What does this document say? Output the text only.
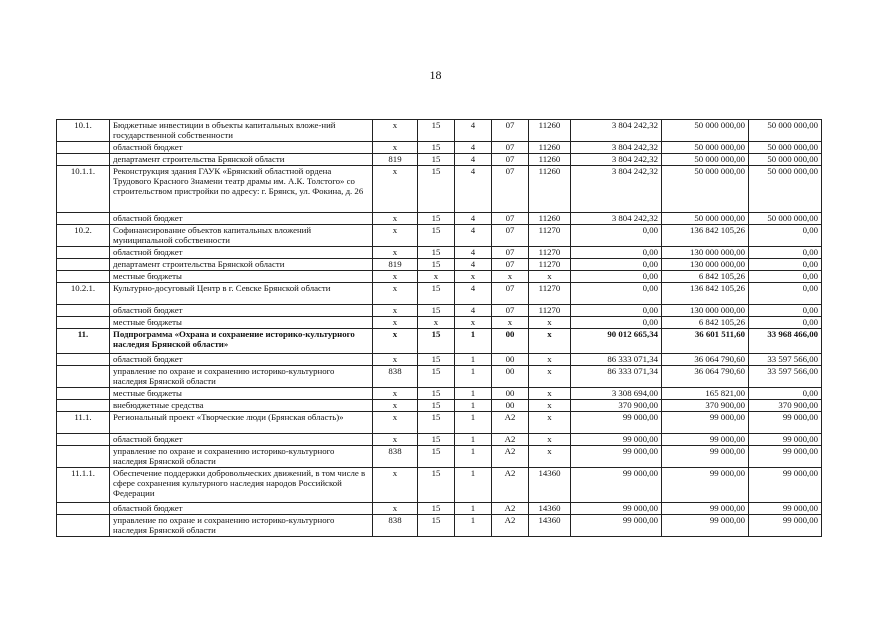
18
10.1.	Бюджетные инвестиции в объекты капитальных вложе-ний государственной собственности	х	15	4	07	11260	3 804 242,32	50 000 000,00	50 000 000,00
	областной бюджет	х	15	4	07	11260	3 804 242,32	50 000 000,00	50 000 000,00
	департамент строительства Брянской области	819	15	4	07	11260	3 804 242,32	50 000 000,00	50 000 000,00
10.1.1.	Реконструкция здания ГАУК «Брянский областной ордена Трудового Красного Знамени театр драмы им. А.К. Толстого» со строительством пристройки по адресу: г. Брянск, ул. Фокина, д. 26	х	15	4	07	11260	3 804 242,32	50 000 000,00	50 000 000,00
	областной бюджет	х	15	4	07	11260	3 804 242,32	50 000 000,00	50 000 000,00
10.2.	Софинансирование объектов капитальных вложений муниципальной собственности	х	15	4	07	11270	0,00	136 842 105,26	0,00
	областной бюджет	х	15	4	07	11270	0,00	130 000 000,00	0,00
	департамент строительства Брянской области	819	15	4	07	11270	0,00	130 000 000,00	0,00
	местные бюджеты	х	х	х	х	х	0,00	6 842 105,26	0,00
10.2.1.	Культурно-досуговый Центр в г. Севске Брянской области	х	15	4	07	11270	0,00	136 842 105,26	0,00
	областной бюджет	х	15	4	07	11270	0,00	130 000 000,00	0,00
	местные бюджеты	х	х	х	х	х	0,00	6 842 105,26	0,00
11.	Подпрограмма «Охрана и сохранение историко-культурного наследия Брянской области»	х	15	1	00	х	90 012 665,34	36 601 511,60	33 968 466,00
	областной бюджет	х	15	1	00	х	86 333 071,34	36 064 790,60	33 597 566,00
	управление по охране и сохранению историко-культурного наследия Брянской области	838	15	1	00	х	86 333 071,34	36 064 790,60	33 597 566,00
	местные бюджеты	х	15	1	00	х	3 308 694,00	165 821,00	0,00
	внебюджетные средства	х	15	1	00	х	370 900,00	370 900,00	370 900,00
11.1.	Региональный проект «Творческие люди (Брянская область)»	х	15	1	А2	х	99 000,00	99 000,00	99 000,00
	областной бюджет	х	15	1	А2	х	99 000,00	99 000,00	99 000,00
	управление по охране и сохранению историко-культурного наследия Брянской области	838	15	1	А2	х	99 000,00	99 000,00	99 000,00
11.1.1.	Обеспечение поддержки добровольческих движений, в том числе в сфере сохранения культурного наследия народов Российской Федерации	х	15	1	А2	14360	99 000,00	99 000,00	99 000,00
	областной бюджет	х	15	1	А2	14360	99 000,00	99 000,00	99 000,00
	управление по охране и сохранению историко-культурного наследия Брянской области	838	15	1	А2	14360	99 000,00	99 000,00	99 000,00
